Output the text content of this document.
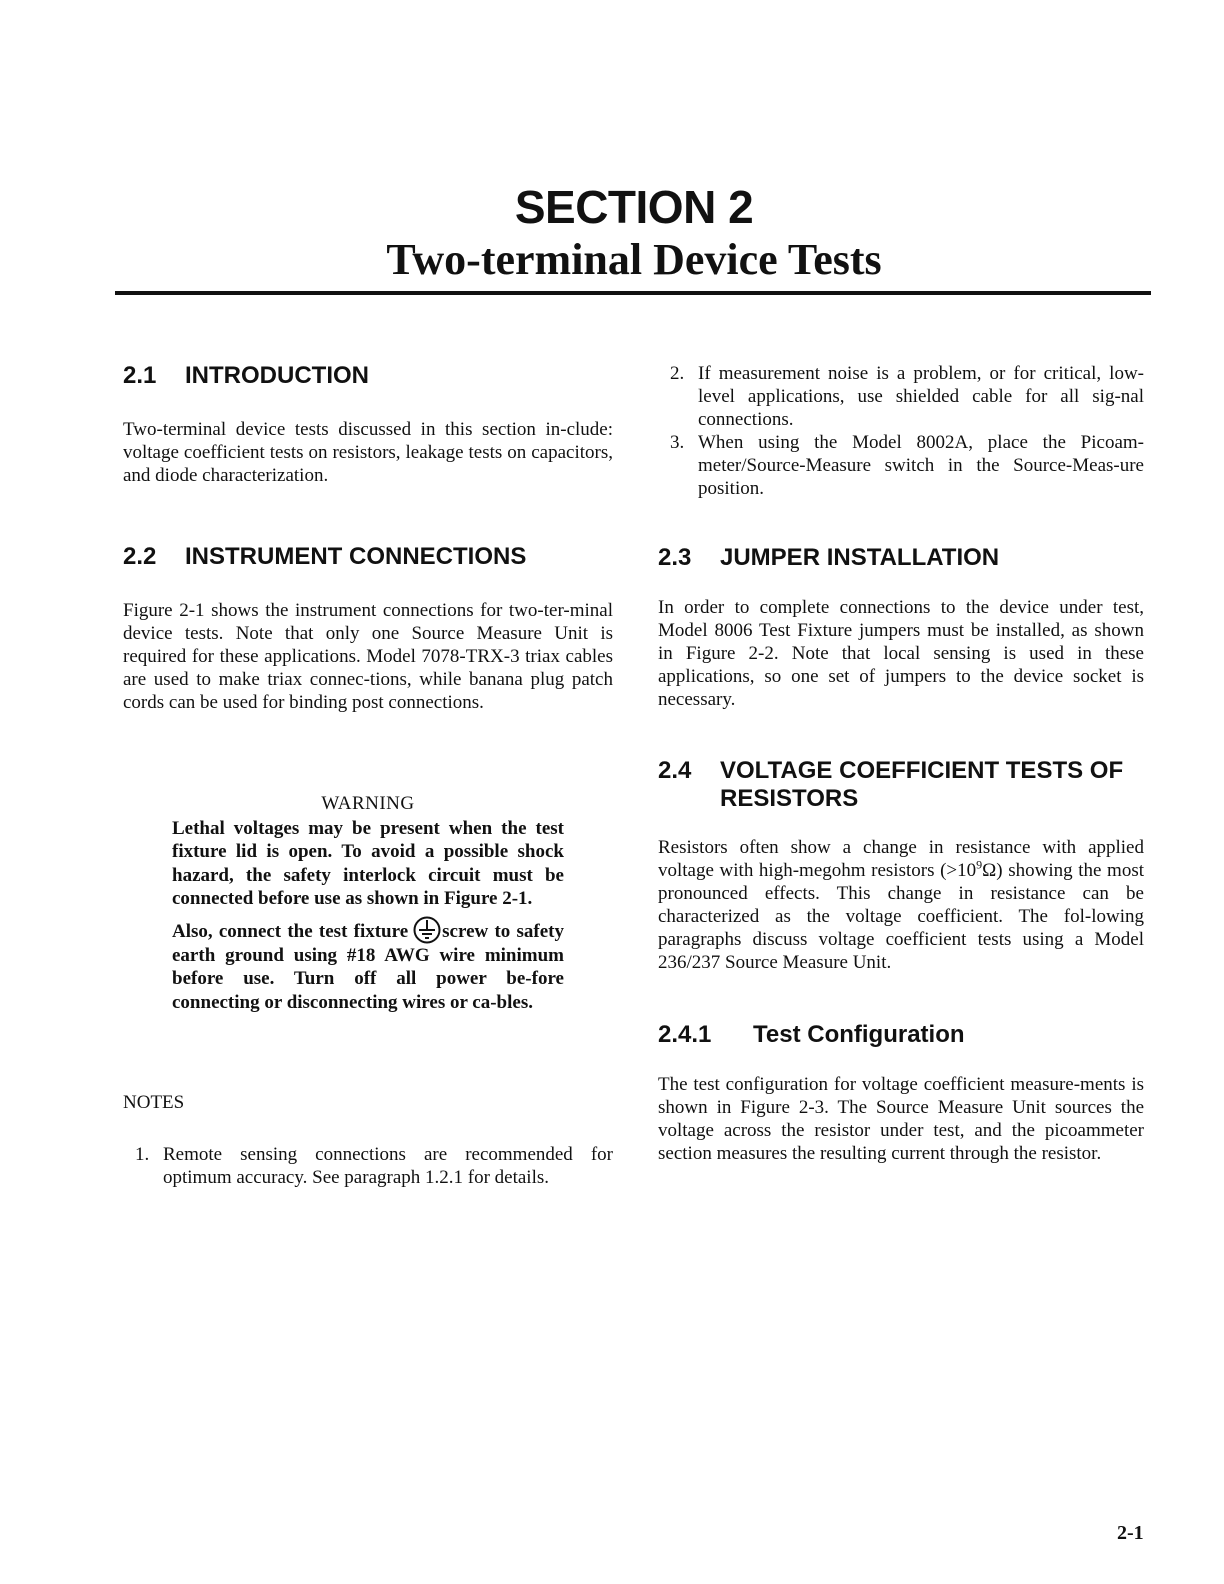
SECTION 2
Two-terminal Device Tests
2.1 INTRODUCTION
Two-terminal device tests discussed in this section in-clude: voltage coefficient tests on resistors, leakage tests on capacitors, and diode characterization.
2.2 INSTRUMENT CONNECTIONS
Figure 2-1 shows the instrument connections for two-ter-minal device tests. Note that only one Source Measure Unit is required for these applications. Model 7078-TRX-3 triax cables are used to make triax connec-tions, while banana plug patch cords can be used for binding post connections.
WARNING
Lethal voltages may be present when the test fixture lid is open. To avoid a possible shock hazard, the safety interlock circuit must be connected before use as shown in Figure 2-1.
Also, connect the test fixture screw to safety earth ground using #18 AWG wire minimum before use. Turn off all power be-fore connecting or disconnecting wires or ca-bles.
NOTES
1. Remote sensing connections are recommended for optimum accuracy. See paragraph 1.2.1 for details.
2. If measurement noise is a problem, or for critical, low-level applications, use shielded cable for all sig-nal connections.
3. When using the Model 8002A, place the Picoam-meter/Source-Measure switch in the Source-Meas-ure position.
2.3 JUMPER INSTALLATION
In order to complete connections to the device under test, Model 8006 Test Fixture jumpers must be installed, as shown in Figure 2-2. Note that local sensing is used in these applications, so one set of jumpers to the device socket is necessary.
2.4 VOLTAGE COEFFICIENT TESTS OF
RESISTORS
Resistors often show a change in resistance with applied voltage with high-megohm resistors $(>10^9\Omega)$ showing the most pronounced effects. This change in resistance can be characterized as the voltage coefficient. The fol-lowing paragraphs discuss voltage coefficient tests using a Model 236/237 Source Measure Unit.
2.4.1 Test Configuration
The test configuration for voltage coefficient measure-ments is shown in Figure 2-3. The Source Measure Unit sources the voltage across the resistor under test, and the picoammeter section measures the resulting current through the resistor.
2-1
